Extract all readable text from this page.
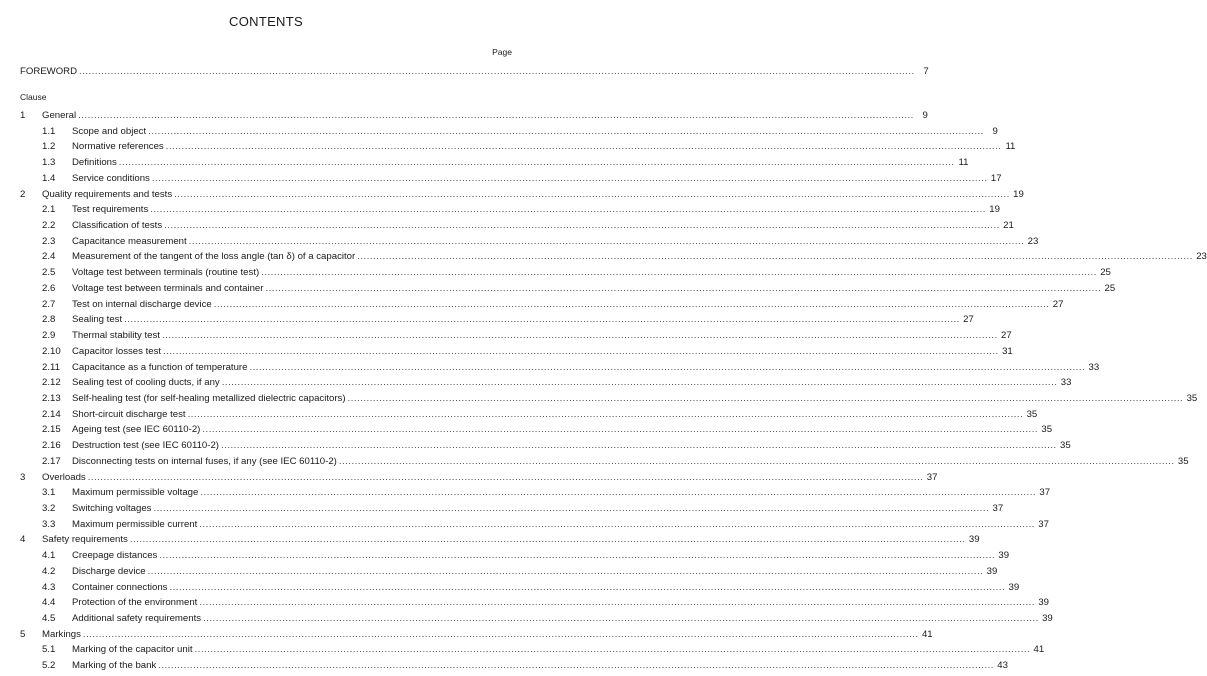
CONTENTS
Page
Clause
FOREWORD .....	7
1	General .....	9
1.1	Scope and object .....	9
1.2	Normative references .....	11
1.3	Definitions .....	11
1.4	Service conditions .....	17
2	Quality requirements and tests .....	19
2.1	Test requirements .....	19
2.2	Classification of tests .....	21
2.3	Capacitance measurement .....	23
2.4	Measurement of the tangent of the loss angle (tan δ) of a capacitor .....	23
2.5	Voltage test between terminals (routine test) .....	25
2.6	Voltage test between terminals and container .....	25
2.7	Test on internal discharge device .....	27
2.8	Sealing test .....	27
2.9	Thermal stability test .....	27
2.10	Capacitor losses test .....	31
2.11	Capacitance as a function of temperature .....	33
2.12	Sealing test of cooling ducts, if any .....	33
2.13	Self-healing test (for self-healing metallized dielectric capacitors) .....	35
2.14	Short-circuit discharge test .....	35
2.15	Ageing test (see IEC 60110-2) .....	35
2.16	Destruction test (see IEC 60110-2) .....	35
2.17	Disconnecting tests on internal fuses, if any (see IEC 60110-2) .....	35
3	Overloads .....	37
3.1	Maximum permissible voltage .....	37
3.2	Switching voltages .....	37
3.3	Maximum permissible current .....	37
4	Safety requirements .....	39
4.1	Creepage distances .....	39
4.2	Discharge device .....	39
4.3	Container connections .....	39
4.4	Protection of the environment .....	39
4.5	Additional safety requirements .....	39
5	Markings .....	41
5.1	Marking of the capacitor unit .....	41
5.2	Marking of the bank .....	43
